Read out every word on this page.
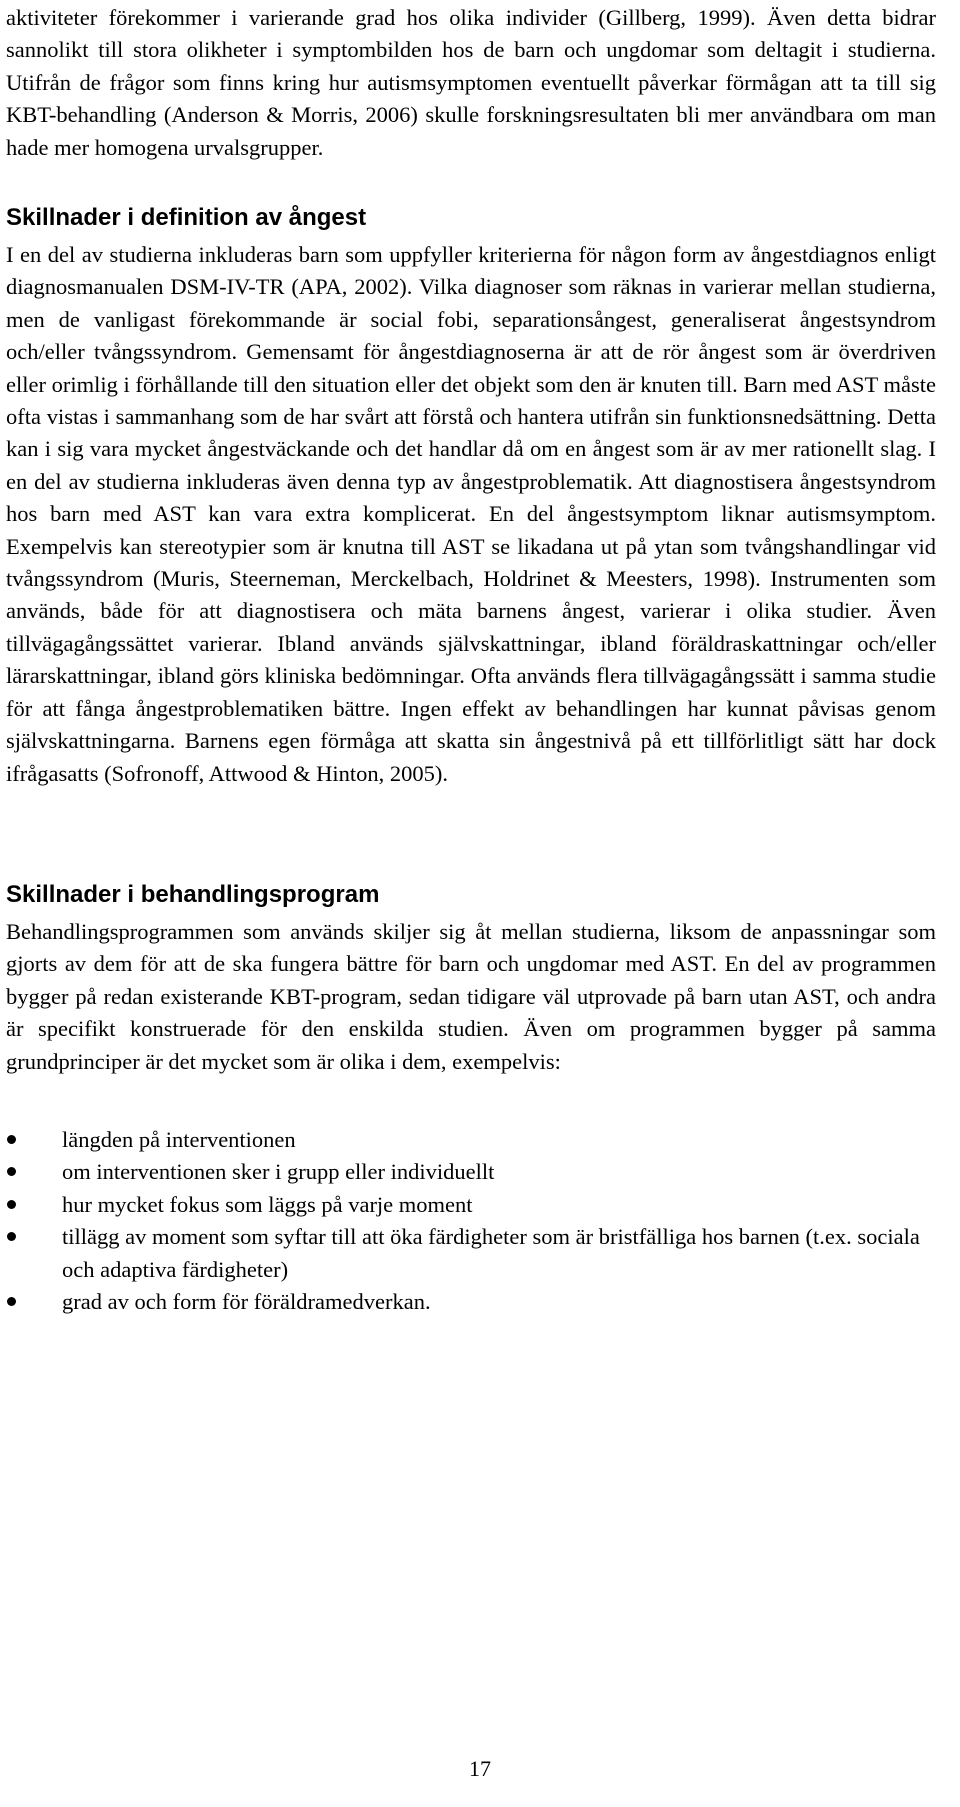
aktiviteter förekommer i varierande grad hos olika individer (Gillberg, 1999). Även detta bidrar sannolikt till stora olikheter i symptombilden hos de barn och ungdomar som deltagit i studierna. Utifrån de frågor som finns kring hur autismsymptomen eventuellt påverkar förmågan att ta till sig KBT-behandling (Anderson & Morris, 2006) skulle forskningsresultaten bli mer användbara om man hade mer homogena urvalsgrupper.

Skillnader i definition av ångest

I en del av studierna inkluderas barn som uppfyller kriterierna för någon form av ångestdiagnos enligt diagnosmanualen DSM-IV-TR (APA, 2002). Vilka diagnoser som räknas in varierar mellan studierna, men de vanligast förekommande är social fobi, separationsångest, generaliserat ångestsyndrom och/eller tvångssyndrom. Gemensamt för ångestdiagnoserna är att de rör ångest som är överdriven eller orimlig i förhållande till den situation eller det objekt som den är knuten till. Barn med AST måste ofta vistas i sammanhang som de har svårt att förstå och hantera utifrån sin funktionsnedsättning. Detta kan i sig vara mycket ångestväckande och det handlar då om en ångest som är av mer rationellt slag. I en del av studierna inkluderas även denna typ av ångestproblematik. Att diagnostisera ångestsyndrom hos barn med AST kan vara extra komplicerat. En del ångestsymptom liknar autismsymptom. Exempelvis kan stereotypier som är knutna till AST se likadana ut på ytan som tvångshandlingar vid tvångssyndrom (Muris, Steerneman, Merckelbach, Holdrinet & Meesters, 1998). Instrumenten som används, både för att diagnostisera och mäta barnens ångest, varierar i olika studier. Även tillvägagångssättet varierar. Ibland används självskattningar, ibland föräldraskattningar och/eller lärarskattningar, ibland görs kliniska bedömningar. Ofta används flera tillvägagångssätt i samma studie för att fånga ångestproblematiken bättre. Ingen effekt av behandlingen har kunnat påvisas genom självskattningarna. Barnens egen förmåga att skatta sin ångestnivå på ett tillförlitligt sätt har dock ifrågasatts (Sofronoff, Attwood & Hinton, 2005).

Skillnader i behandlingsprogram

Behandlingsprogrammen som används skiljer sig åt mellan studierna, liksom de anpassningar som gjorts av dem för att de ska fungera bättre för barn och ungdomar med AST. En del av programmen bygger på redan existerande KBT-program, sedan tidigare väl utprovade på barn utan AST, och andra är specifikt konstruerade för den enskilda studien. Även om programmen bygger på samma grundprinciper är det mycket som är olika i dem, exempelvis:

längden på interventionen
om interventionen sker i grupp eller individuellt
hur mycket fokus som läggs på varje moment
tillägg av moment som syftar till att öka färdigheter som är bristfälliga hos barnen (t.ex. sociala och adaptiva färdigheter)
grad av och form för föräldramedverkan.
17
